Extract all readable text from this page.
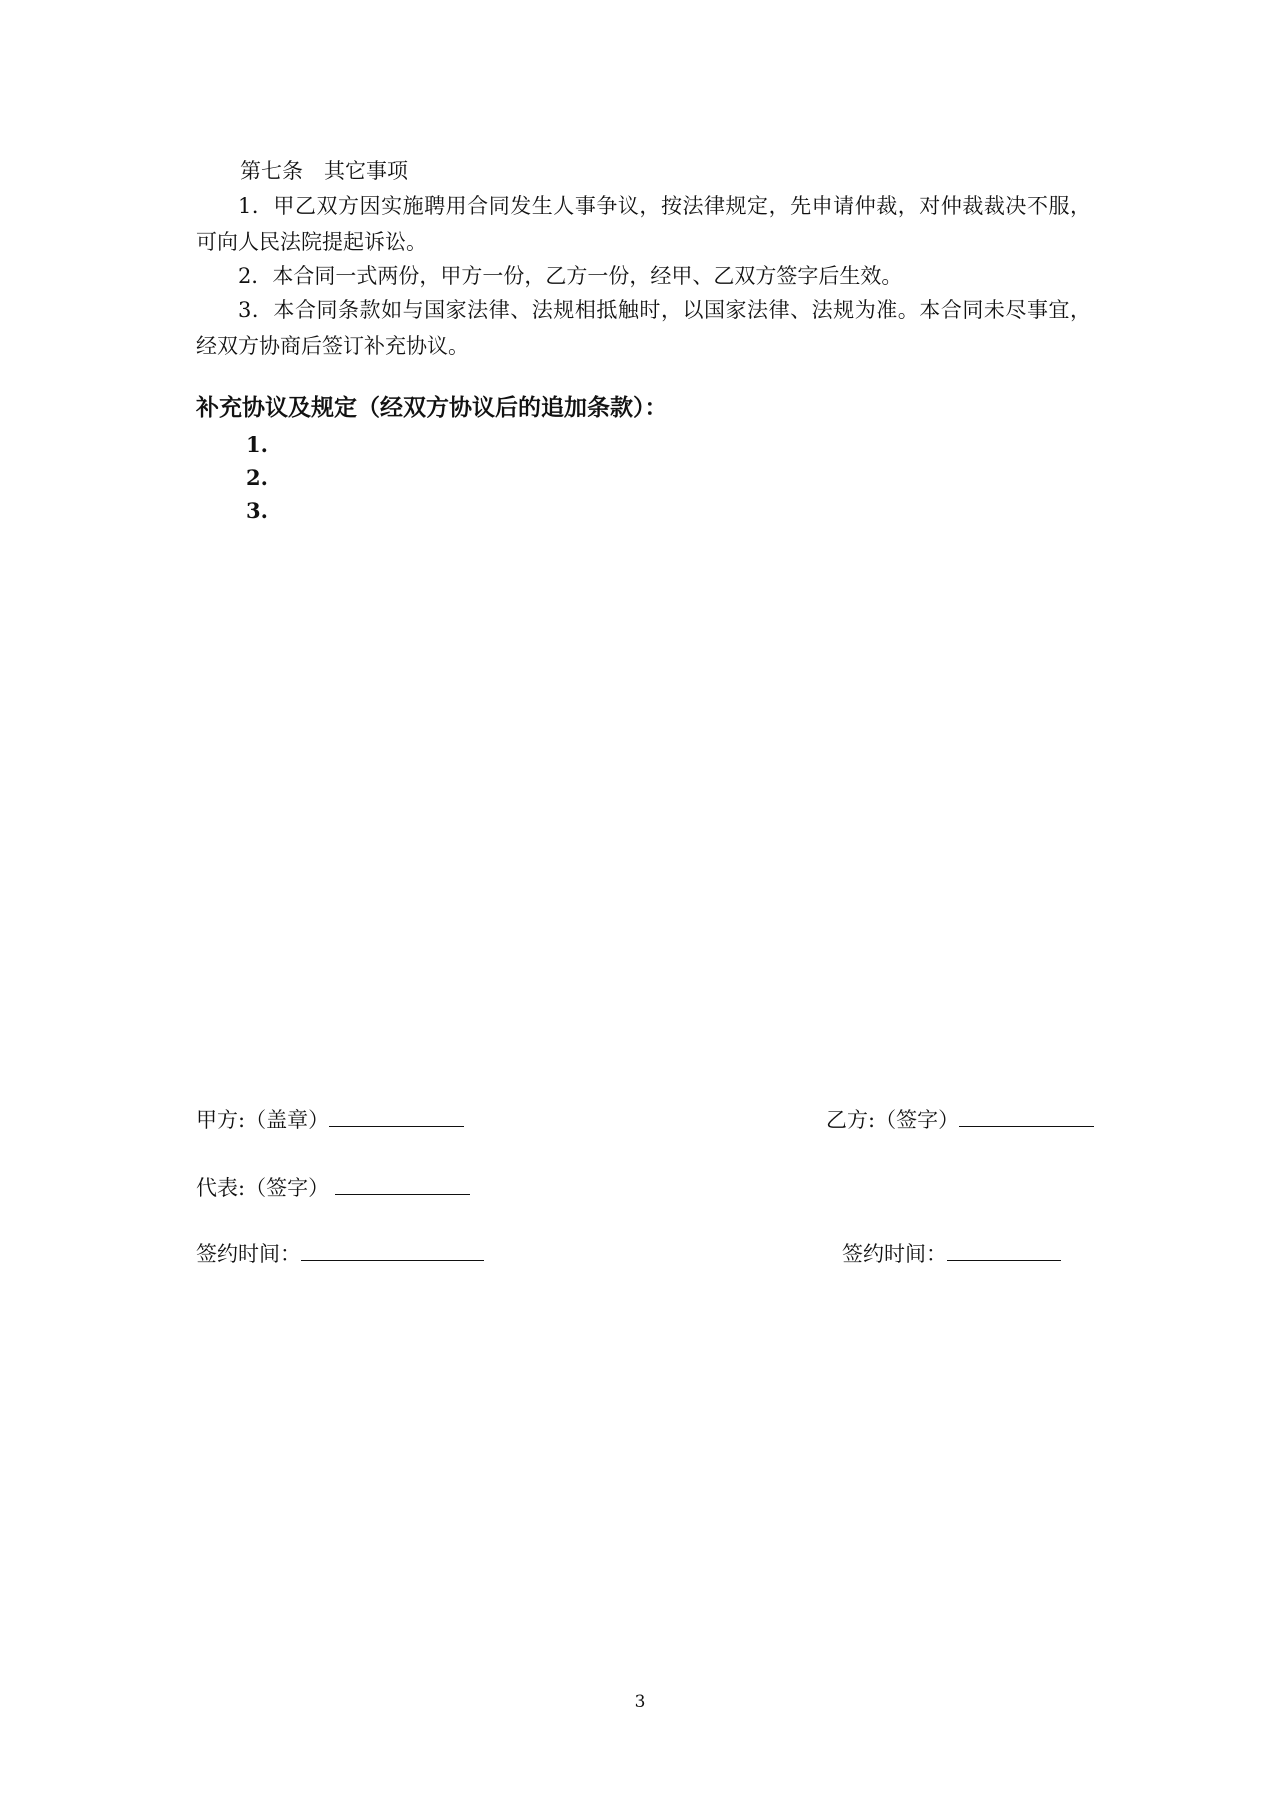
第七条　其它事项
1．甲乙双方因实施聘用合同发生人事争议，按法律规定，先申请仲裁，对仲裁裁决不服，可向人民法院提起诉讼。
2．本合同一式两份，甲方一份，乙方一份，经甲、乙双方签字后生效。
3．本合同条款如与国家法律、法规相抵触时，以国家法律、法规为准。本合同未尽事宜，经双方协商后签订补充协议。
补充协议及规定（经双方协议后的追加条款）：
1.
2.
3.
甲方:（盖章）	乙方:（签字）
代表:（签字）
签约时间：	签约时间：
3
